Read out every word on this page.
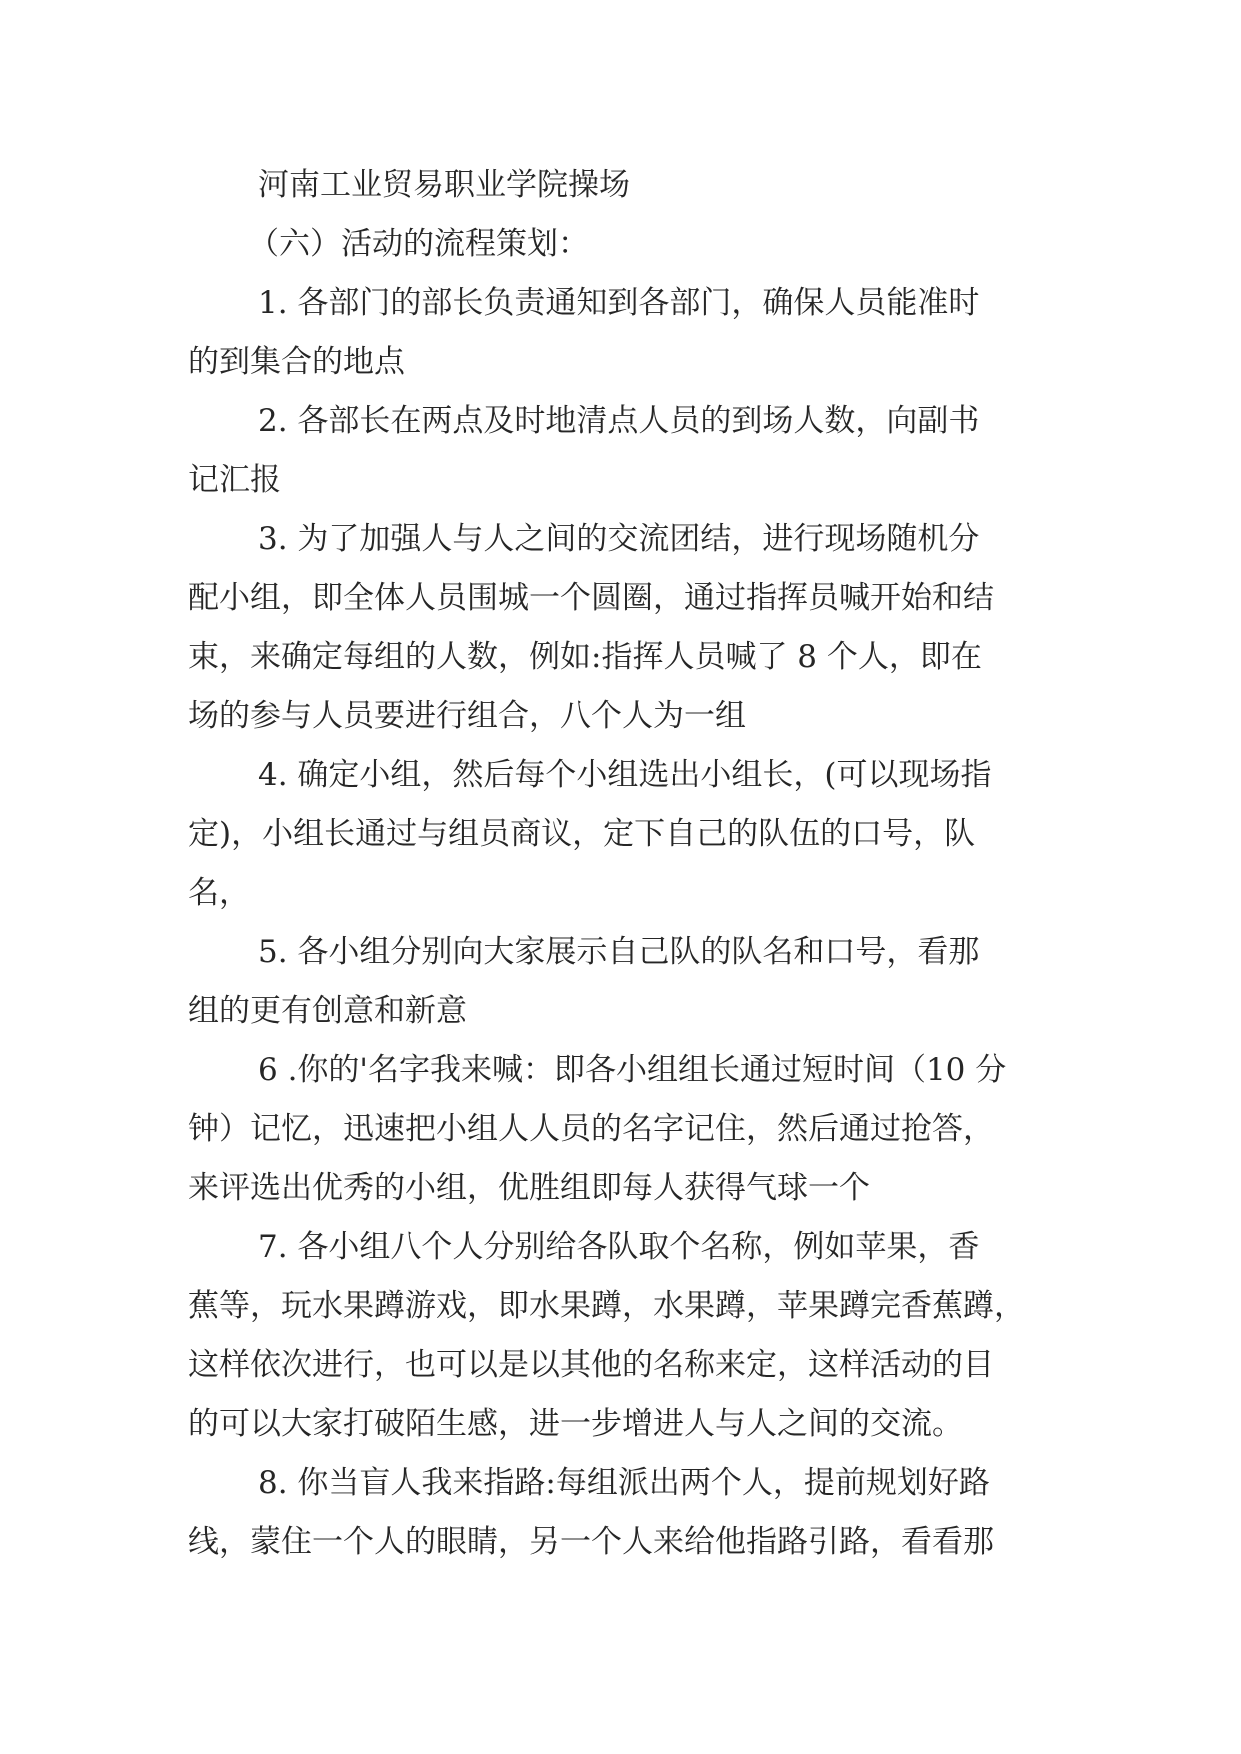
河南工业贸易职业学院操场
（六）活动的流程策划：
1. 各部门的部长负责通知到各部门，确保人员能准时
的到集合的地点
2. 各部长在两点及时地清点人员的到场人数，向副书
记汇报
3. 为了加强人与人之间的交流团结，进行现场随机分
配小组，即全体人员围城一个圆圈，通过指挥员喊开始和结
束，来确定每组的人数，例如:指挥人员喊了 8 个人，即在
场的参与人员要进行组合，八个人为一组
4. 确定小组，然后每个小组选出小组长，(可以现场指
定)，小组长通过与组员商议，定下自己的队伍的口号，队
名，
5. 各小组分别向大家展示自己队的队名和口号，看那
组的更有创意和新意
6 .你的'名字我来喊：即各小组组长通过短时间（10 分
钟）记忆，迅速把小组人人员的名字记住，然后通过抢答，
来评选出优秀的小组，优胜组即每人获得气球一个
7. 各小组八个人分别给各队取个名称，例如苹果，香
蕉等，玩水果蹲游戏，即水果蹲，水果蹲，苹果蹲完香蕉蹲，
这样依次进行，也可以是以其他的名称来定，这样活动的目
的可以大家打破陌生感，进一步增进人与人之间的交流。
8. 你当盲人我来指路:每组派出两个人，提前规划好路
线，蒙住一个人的眼睛，另一个人来给他指路引路，看看那
